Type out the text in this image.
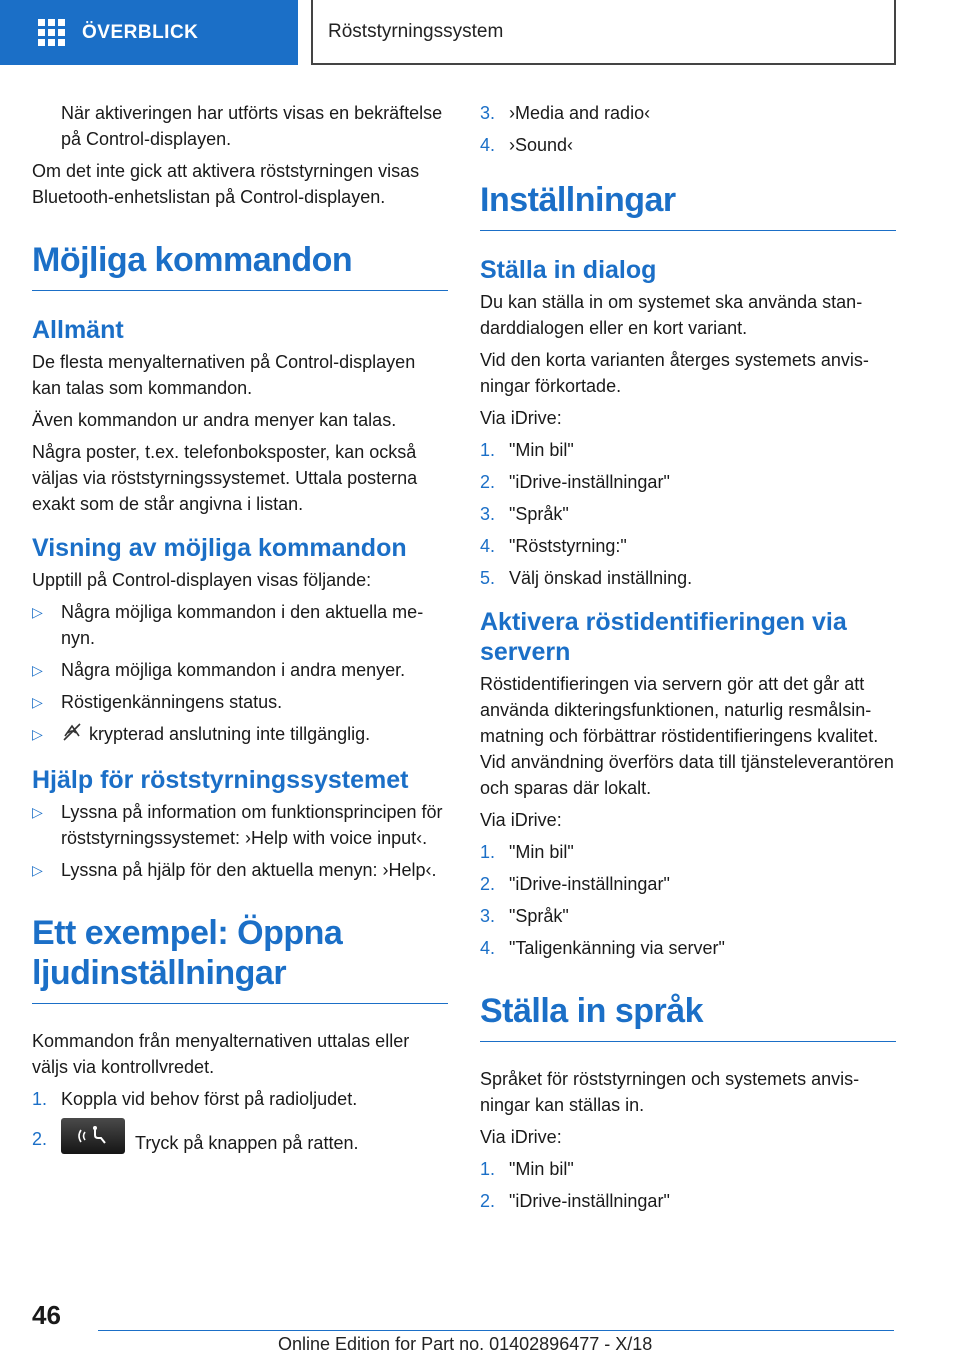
ÖVERBLICK	Röststyrningssystem

När aktiveringen har utförts visas en bekräftelse på Control-displayen.

Om det inte gick att aktivera röststyrningen visas Bluetooth-enhetslistan på Control-displayen.

Möjliga kommandon
Allmänt

De flesta menyalternativen på Control-displayen kan talas som kommandon.

Även kommandon ur andra menyer kan talas.

Några poster, t.ex. telefonboksposter, kan också väljas via röststyrningssystemet. Uttala posterna exakt som de står angivna i listan.

Visning av möjliga kommandon

Upptill på Control-displayen visas följande:

▷ Några möjliga kommandon i den aktuella menyn.
▷ Några möjliga kommandon i andra menyer.
▷ Röstigenkänningens status.
▷	krypterad anslutning inte tillgänglig.
Hjälp för röststyrningssystemet
▷ Lyssna på information om funktionsprincipen för röststyrningssystemet: ›Help with voice input‹.
▷ Lyssna på hjälp för den aktuella menyn: ›Help‹.
Ett exempel: Öppna ljudinställningar

Kommandon från menyalternativen uttalas eller väljs via kontrollvredet.

1. Koppla vid behov först på radioljudet.
2.	Tryck på knappen på ratten.
3. ›Media and radio‹
4. ›Sound‹
Inställningar
Ställa in dialog

Du kan ställa in om systemet ska använda standarddialogen eller en kort variant.

Vid den korta varianten återges systemets anvisningar förkortade.

Via iDrive:

1. "Min bil"
2. "iDrive-inställningar"
3. "Språk"
4. "Röststyrning:"
5. Välj önskad inställning.
Aktivera röstidentifieringen via servern

Röstidentifieringen via servern gör att det går att använda dikteringsfunktionen, naturlig resmålsinmatning och förbättrar röstidentifieringens kvalitet. Vid användning överförs data till tjänsteleverantören och sparas där lokalt.

Via iDrive:

1. "Min bil"
2. "iDrive-inställningar"
3. "Språk"
4. "Taligenkänning via server"
Ställa in språk

Språket för röststyrningen och systemets anvisningar kan ställas in.

Via iDrive:

1. "Min bil"
2. "iDrive-inställningar"
46
Online Edition for Part no. 01402896477 - X/18
